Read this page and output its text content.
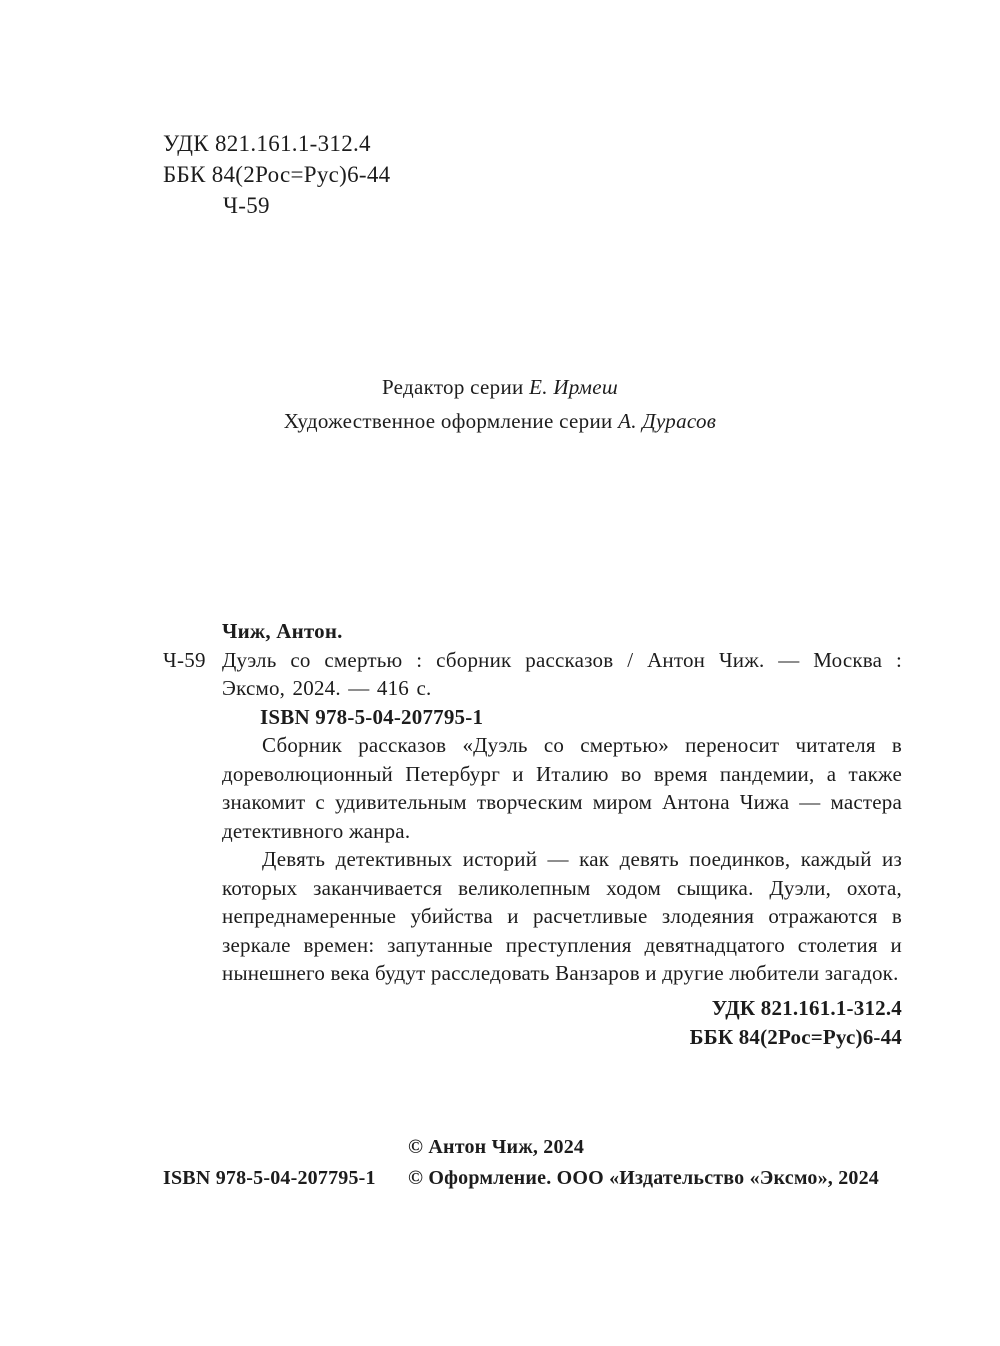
УДК 821.161.1-312.4
ББК 84(2Рос=Рус)6-44
Ч-59
Редактор серии Е. Ирмеш
Художественное оформление серии А. Дурасов

Чиж, Антон.

Ч-59 Дуэль со смертью : сборник рассказов / Антон Чиж. — Москва : Эксмо, 2024. — 416 с.

ISBN 978-5-04-207795-1

Сборник рассказов «Дуэль со смертью» переносит читателя в дореволюционный Петербург и Италию во время пандемии, а также знакомит с удивительным творческим миром Антона Чижа — мастера детективного жанра.

Девять детективных историй — как девять поединков, каждый из которых заканчивается великолепным ходом сыщика. Дуэли, охота, непреднамеренные убийства и расчетливые злодеяния отражаются в зеркале времен: запутанные преступления девятнадцатого столетия и нынешнего века будут расследовать Ванзаров и другие любители загадок.

УДК 821.161.1-312.4
ББК 84(2Рос=Рус)6-44
© Антон Чиж, 2024
ISBN 978-5-04-207795-1	© Оформление. ООО «Издательство «Эксмо», 2024
